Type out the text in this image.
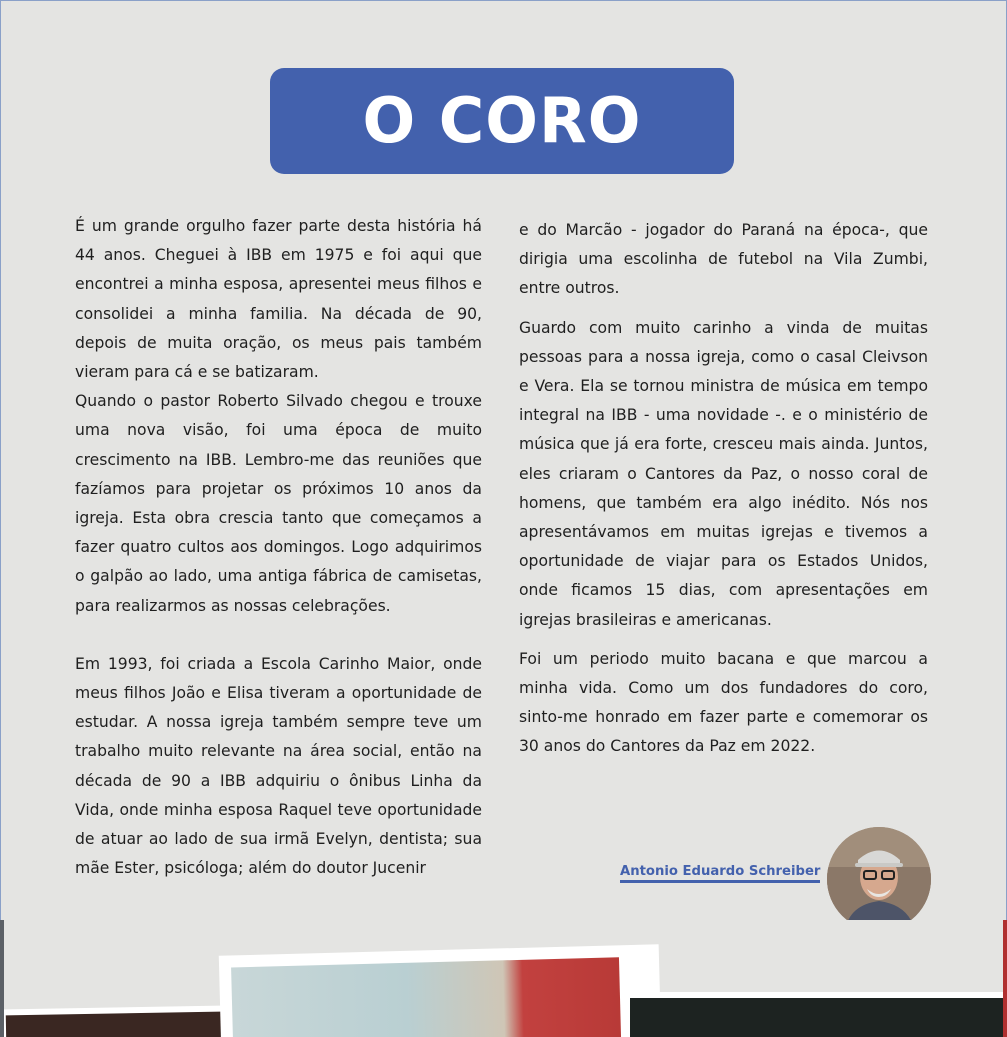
O CORO

É um grande orgulho fazer parte desta história há 44 anos. Cheguei à IBB em 1975 e foi aqui que encontrei a minha esposa, apresentei meus filhos e consolidei a minha familia. Na década de 90, depois de muita oração, os meus pais também vieram para cá e se batizaram.

Quando o pastor Roberto Silvado chegou e trouxe uma nova visão, foi uma época de muito crescimento na IBB. Lembro-me das reuniões que fazíamos para projetar os próximos 10 anos da igreja. Esta obra crescia tanto que começamos a fazer quatro cultos aos domingos. Logo adquirimos o galpão ao lado, uma antiga fábrica de camisetas, para realizarmos as nossas celebrações.

Em 1993, foi criada a Escola Carinho Maior, onde meus filhos João e Elisa tiveram a oportunidade de estudar. A nossa igreja também sempre teve um trabalho muito relevante na área social, então na década de 90 a IBB adquiriu o ônibus Linha da Vida, onde minha esposa Raquel teve oportunidade de atuar ao lado de sua irmã Evelyn, dentista; sua mãe Ester, psicóloga; além do doutor Jucenir

e do Marcão - jogador do Paraná na época-, que dirigia uma escolinha de futebol na Vila Zumbi, entre outros.

Guardo com muito carinho a vinda de muitas pessoas para a nossa igreja, como o casal Cleivson e Vera. Ela se tornou ministra de música em tempo integral na IBB - uma novidade -. e o ministério de música que já era forte, cresceu mais ainda. Juntos, eles criaram o Cantores da Paz, o nosso coral de homens, que também era algo inédito. Nós nos apresentávamos em muitas igrejas e tivemos a oportunidade de viajar para os Estados Unidos, onde ficamos 15 dias, com apresentações em igrejas brasileiras e americanas.

Foi um periodo muito bacana e que marcou a minha vida. Como um dos fundadores do coro, sinto-me honrado em fazer parte e comemorar os 30 anos do Cantores da Paz em 2022.

Antonio Eduardo Schreiber
